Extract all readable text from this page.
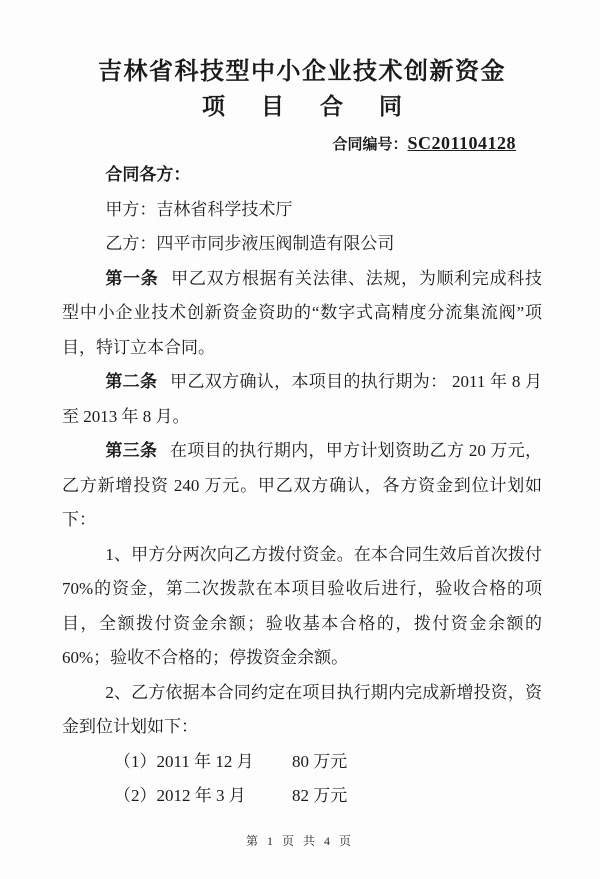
吉林省科技型中小企业技术创新资金
项 目 合 同
合同编号：SC201104128

合同各方：

甲方：吉林省科学技术厅

乙方：四平市同步液压阀制造有限公司

第一条 甲乙双方根据有关法律、法规，为顺利完成科技型中小企业技术创新资金资助的“数字式高精度分流集流阀”项目，特订立本合同。

第二条 甲乙双方确认，本项目的执行期为： 2011 年 8 月 至 2013 年 8 月。

第三条 在项目的执行期内，甲方计划资助乙方 20 万元，乙方新增投资 240 万元。甲乙双方确认，各方资金到位计划如下：

1、甲方分两次向乙方拨付资金。在本合同生效后首次拨付 70%的资金，第二次拨款在本项目验收后进行，验收合格的项目，全额拨付资金余额；验收基本合格的，拨付资金余额的 60%；验收不合格的；停拨资金余额。

2、乙方依据本合同约定在项目执行期内完成新增投资，资金到位计划如下：

（1）2011 年 12 月	80 万元
（2）2012 年 3 月	82 万元
第 1 页 共 4 页
